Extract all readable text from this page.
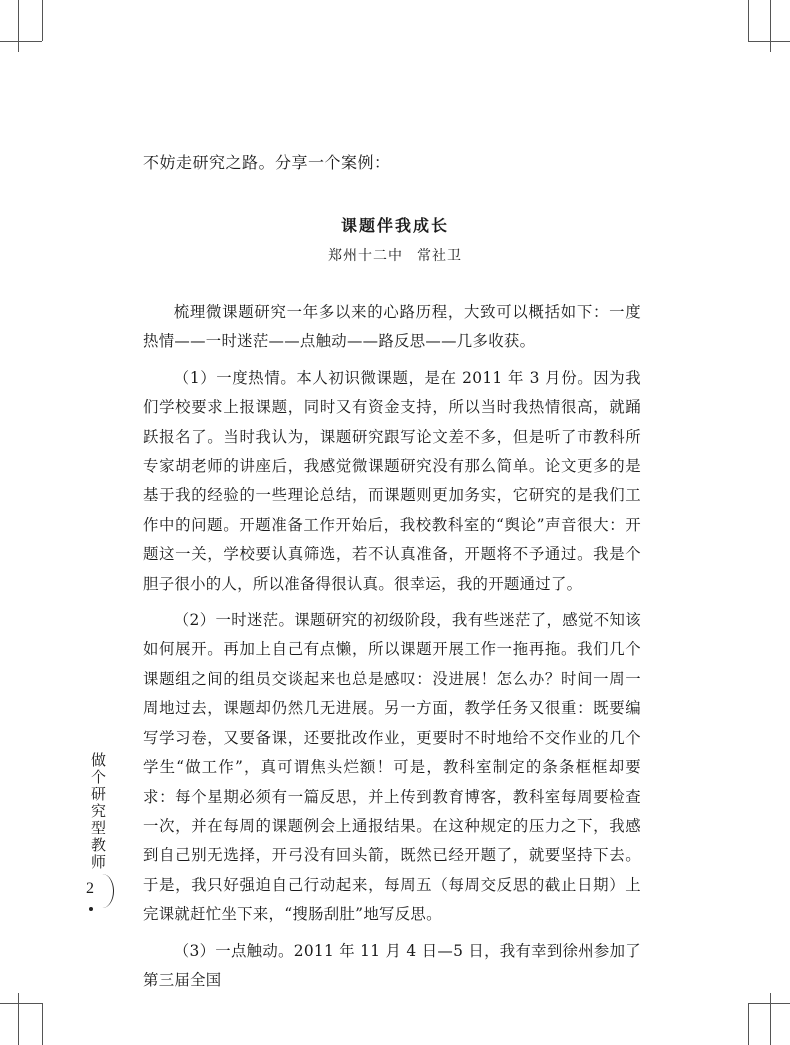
不妨走研究之路。分享一个案例：

课题伴我成长

郑州十二中 常社卫

梳理微课题研究一年多以来的心路历程，大致可以概括如下：一度热情——一时迷茫——点触动——路反思——几多收获。

（1）一度热情。本人初识微课题，是在 2011 年 3 月份。因为我们学校要求上报课题，同时又有资金支持，所以当时我热情很高，就踊跃报名了。当时我认为，课题研究跟写论文差不多，但是听了市教科所专家胡老师的讲座后，我感觉微课题研究没有那么简单。论文更多的是基于我的经验的一些理论总结，而课题则更加务实，它研究的是我们工作中的问题。开题准备工作开始后，我校教科室的“舆论”声音很大：开题这一关，学校要认真筛选，若不认真准备，开题将不予通过。我是个胆子很小的人，所以准备得很认真。很幸运，我的开题通过了。

（2）一时迷茫。课题研究的初级阶段，我有些迷茫了，感觉不知该如何展开。再加上自己有点懒，所以课题开展工作一拖再拖。我们几个课题组之间的组员交谈起来也总是感叹：没进展！怎么办？时间一周一周地过去，课题却仍然几无进展。另一方面，教学任务又很重：既要编写学习卷，又要备课，还要批改作业，更要时不时地给不交作业的几个学生“做工作”，真可谓焦头烂额！可是，教科室制定的条条框框却要求：每个星期必须有一篇反思，并上传到教育博客，教科室每周要检查一次，并在每周的课题例会上通报结果。在这种规定的压力之下，我感到自己别无选择，开弓没有回头箭，既然已经开题了，就要坚持下去。于是，我只好强迫自己行动起来，每周五（每周交反思的截止日期）上完课就赶忙坐下来，“搜肠刮肚”地写反思。

（3）一点触动。2011 年 11 月 4 日—5 日，我有幸到徐州参加了第三届全国

做个研究型教师
2
